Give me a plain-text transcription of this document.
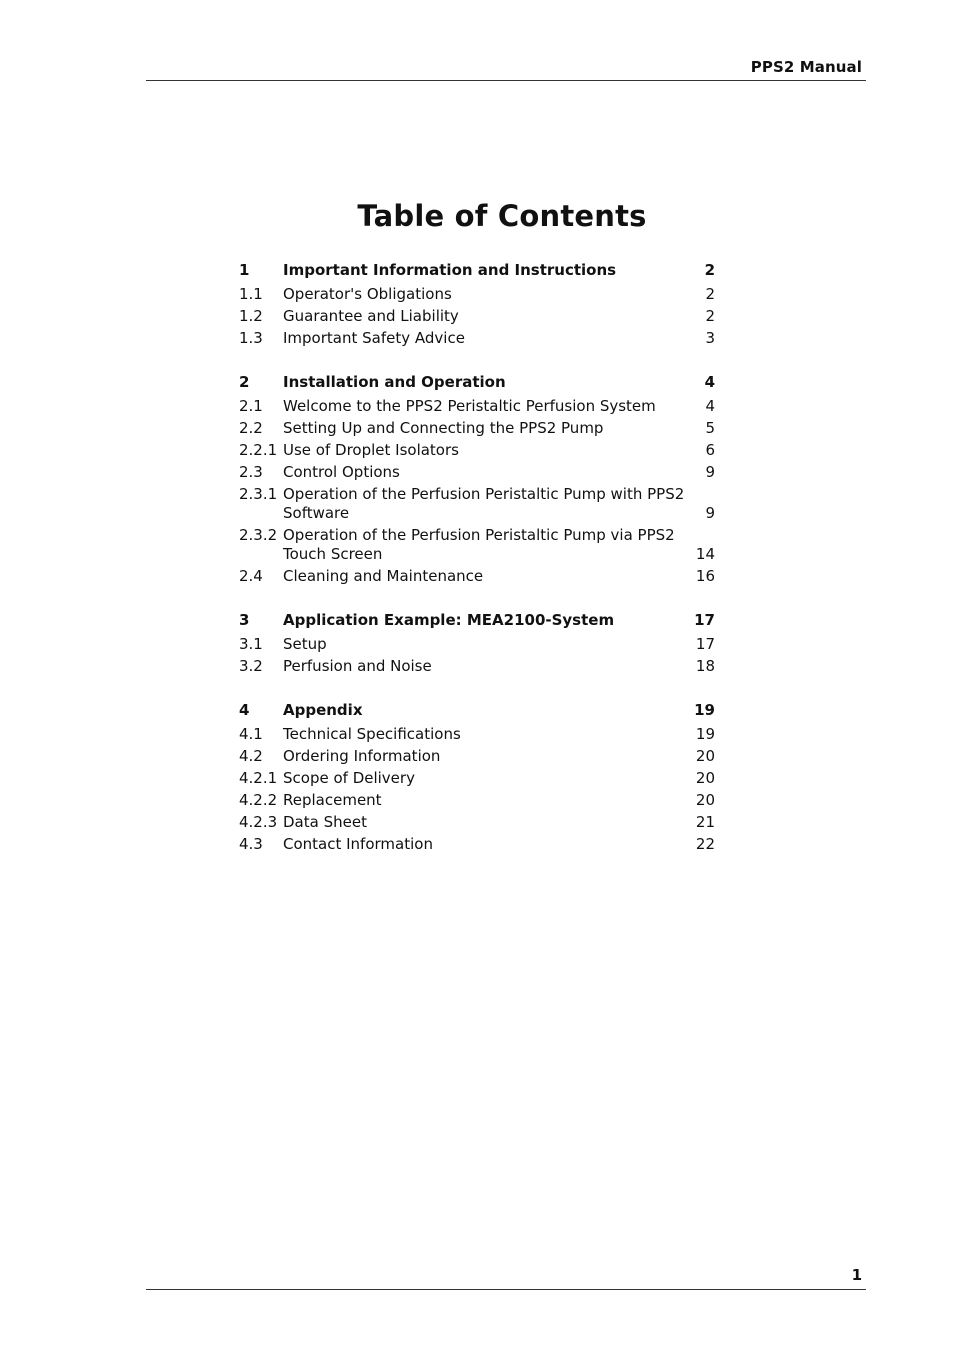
PPS2 Manual
Table of Contents
1	Important Information and Instructions	2
1.1	Operator's Obligations	2
1.2	Guarantee and Liability	2
1.3	Important Safety Advice	3
2	Installation and Operation	4
2.1	Welcome to the PPS2 Peristaltic Perfusion System	4
2.2	Setting Up and Connecting the PPS2 Pump	5
2.2.1 Use of Droplet Isolators	6
2.3	Control Options	9
2.3.1 Operation of the Perfusion Peristaltic Pump with PPS2 Software	9
2.3.2 Operation of the Perfusion Peristaltic Pump via PPS2 Touch Screen	14
2.4	Cleaning and Maintenance	16
3	Application Example: MEA2100-System	17
3.1	Setup	17
3.2	Perfusion and Noise	18
4	Appendix	19
4.1	Technical Specifications	19
4.2	Ordering Information	20
4.2.1 Scope of Delivery	20
4.2.2 Replacement	20
4.2.3 Data Sheet	21
4.3	Contact Information	22
1
